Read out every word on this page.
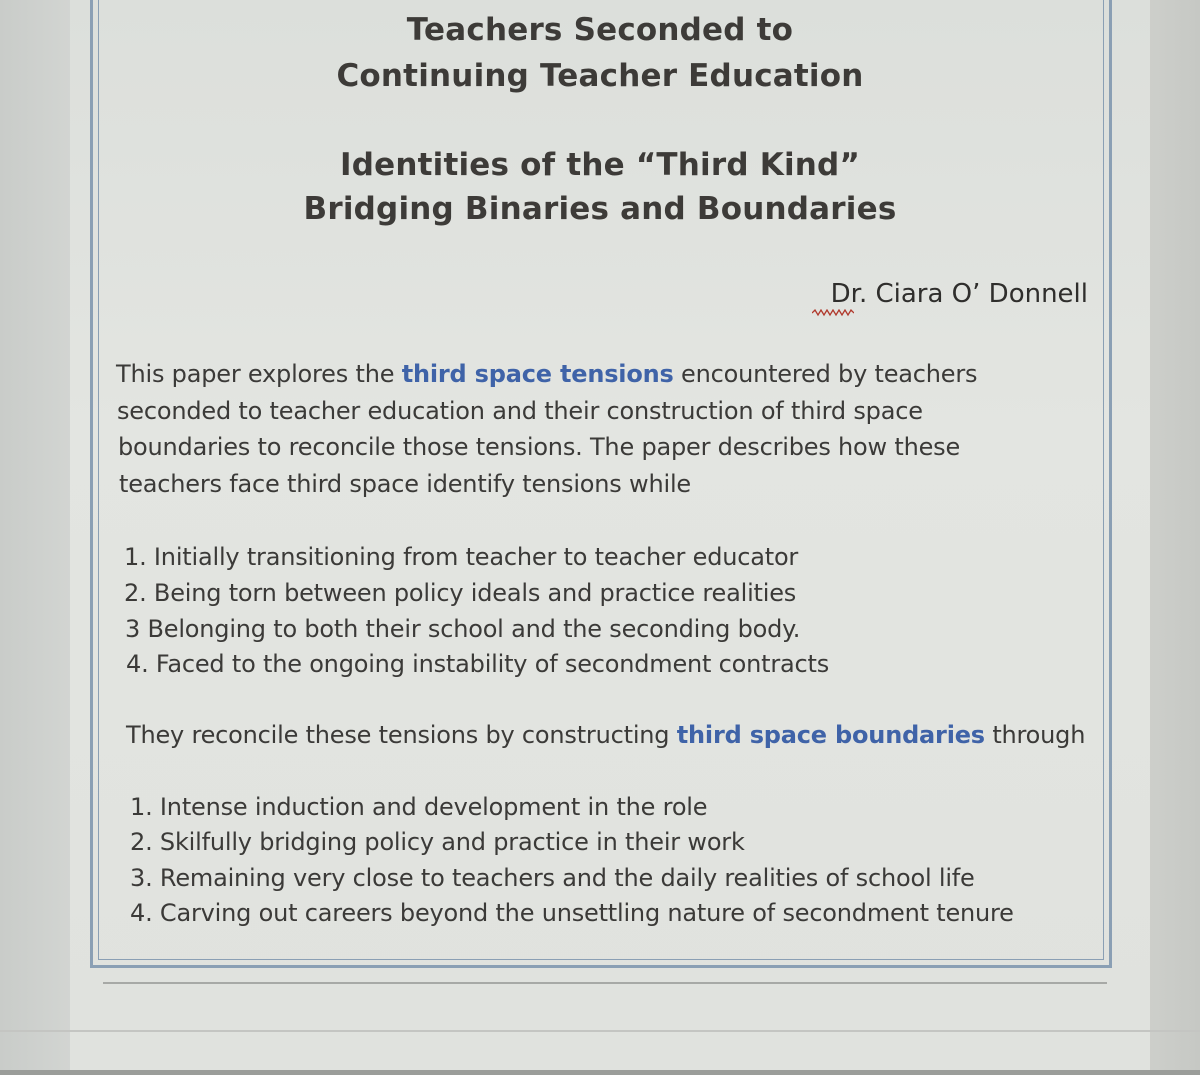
Teachers Seconded to
Continuing Teacher Education
Identities of the “Third Kind”
Bridging Binaries and Boundaries
Dr. Ciara O’ Donnell
This paper explores the third space tensions encountered by teachers
seconded to teacher education and their construction of third space
boundaries to reconcile those tensions. The paper describes how these
teachers face third space identify tensions while
1. Initially transitioning from teacher to teacher educator
2. Being torn between policy ideals and practice realities
3 Belonging to both their school and the seconding body.
4. Faced to the ongoing instability of secondment contracts
They reconcile these tensions by constructing third space boundaries through
1. Intense induction and development in the role
2. Skilfully bridging policy and practice in their work
3. Remaining very close to teachers and the daily realities of school life
4. Carving out careers beyond the unsettling nature of secondment tenure
